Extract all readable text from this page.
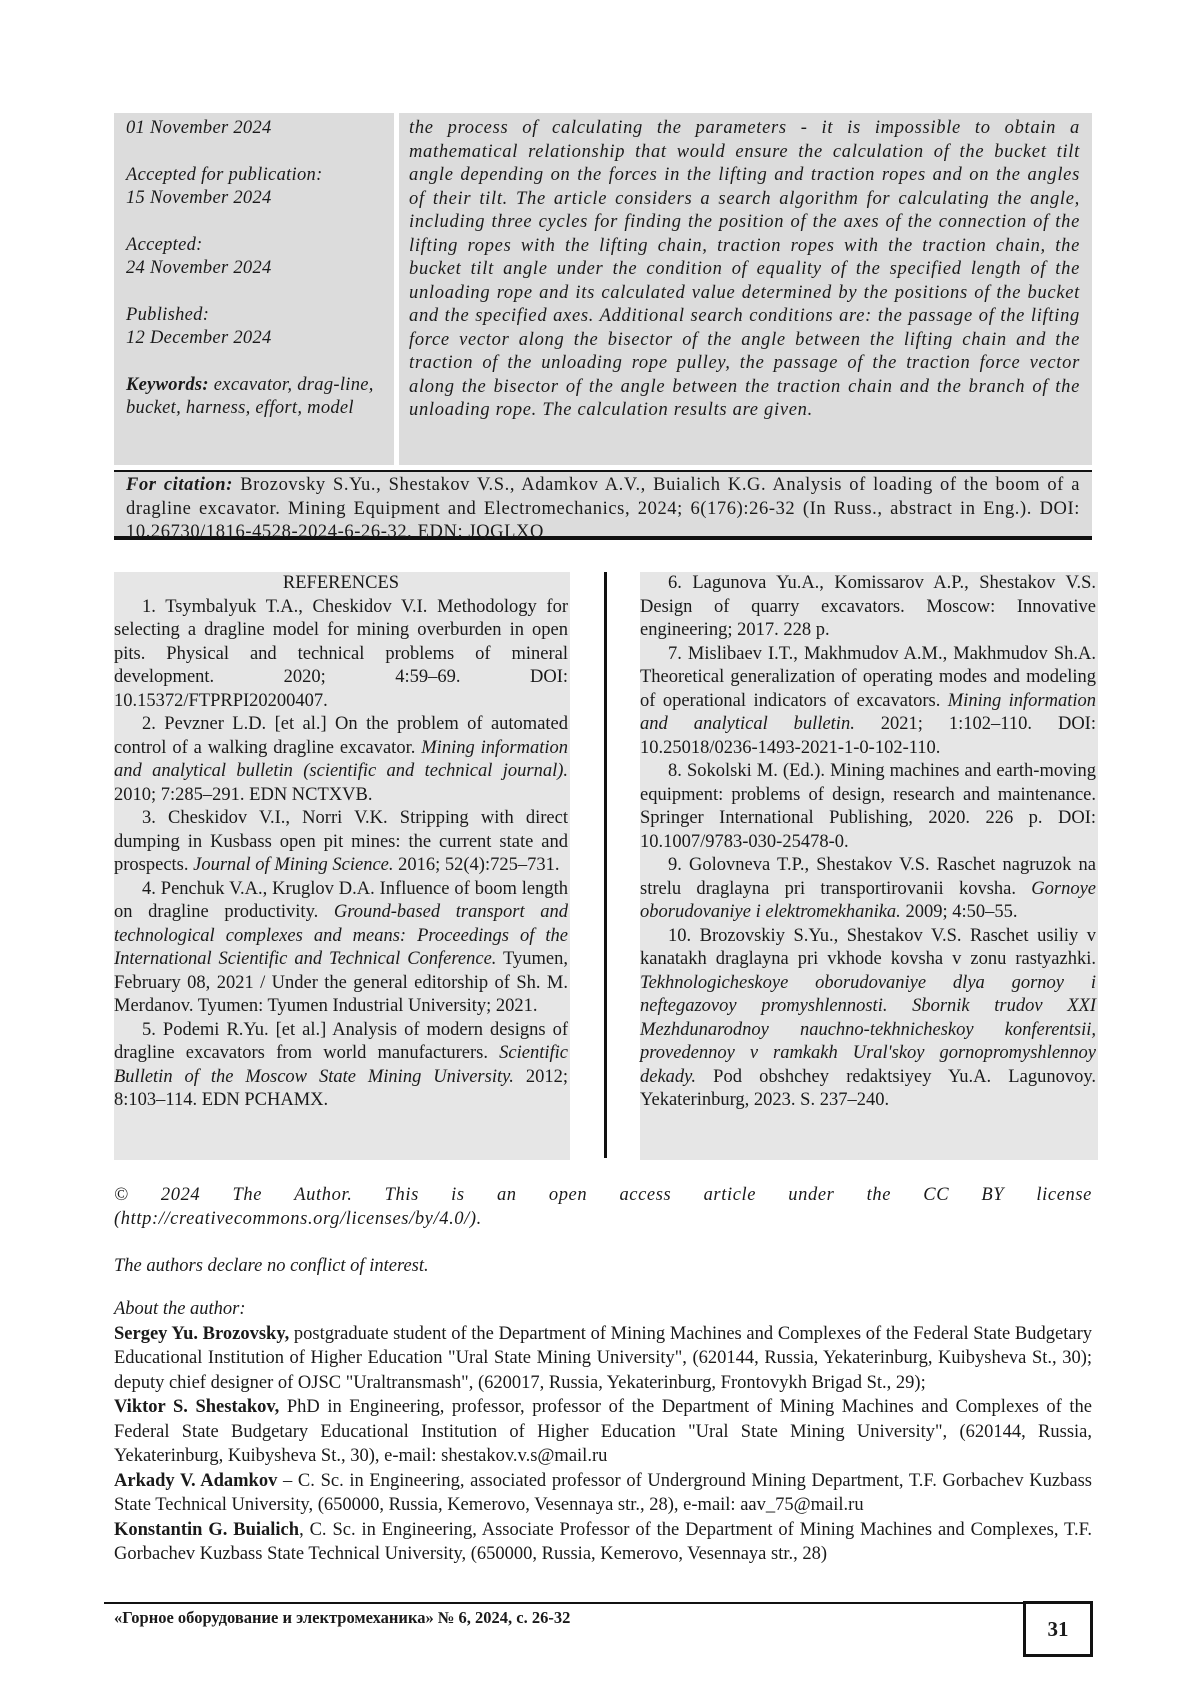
01 November 2024
Accepted for publication:
15 November 2024
Accepted:
24 November 2024
Published:
12 December 2024

Keywords: excavator, drag-line, bucket, harness, effort, model

the process of calculating the parameters - it is impossible to obtain a mathematical relationship that would ensure the calculation of the bucket tilt angle depending on the forces in the lifting and traction ropes and on the angles of their tilt. The article considers a search algorithm for calculating the angle, including three cycles for finding the position of the axes of the connection of the lifting ropes with the lifting chain, traction ropes with the traction chain, the bucket tilt angle under the condition of equality of the specified length of the unloading rope and its calculated value determined by the positions of the bucket and the specified axes. Additional search conditions are: the passage of the lifting force vector along the bisector of the angle between the lifting chain and the traction of the unloading rope pulley, the passage of the traction force vector along the bisector of the angle between the traction chain and the branch of the unloading rope. The calculation results are given.
For citation: Brozovsky S.Yu., Shestakov V.S., Adamkov A.V., Buialich K.G. Analysis of loading of the boom of a dragline excavator. Mining Equipment and Electromechanics, 2024; 6(176):26-32 (In Russ., abstract in Eng.). DOI: 10.26730/1816-4528-2024-6-26-32, EDN: JQGLXO

REFERENCES

1. Tsymbalyuk T.A., Cheskidov V.I. Methodology for selecting a dragline model for mining overburden in open pits. Physical and technical problems of mineral development. 2020; 4:59–69. DOI: 10.15372/FTPRPI20200407.

2. Pevzner L.D. [et al.] On the problem of automated control of a walking dragline excavator. Mining information and analytical bulletin (scientific and technical journal). 2010; 7:285–291. EDN NCTXVB.

3. Cheskidov V.I., Norri V.K. Stripping with direct dumping in Kusbass open pit mines: the current state and prospects. Journal of Mining Science. 2016; 52(4):725–731.

4. Penchuk V.A., Kruglov D.A. Influence of boom length on dragline productivity. Ground-based transport and technological complexes and means: Proceedings of the International Scientific and Technical Conference. Tyumen, February 08, 2021 / Under the general editorship of Sh. M. Merdanov. Tyumen: Tyumen Industrial University; 2021.

5. Podemi R.Yu. [et al.] Analysis of modern designs of dragline excavators from world manufacturers. Scientific Bulletin of the Moscow State Mining University. 2012; 8:103–114. EDN PCHAMX.

6. Lagunova Yu.A., Komissarov A.P., Shestakov V.S. Design of quarry excavators. Moscow: Innovative engineering; 2017. 228 p.

7. Mislibaev I.T., Makhmudov A.M., Makhmudov Sh.A. Theoretical generalization of operating modes and modeling of operational indicators of excavators. Mining information and analytical bulletin. 2021; 1:102–110. DOI: 10.25018/0236-1493-2021-1-0-102-110.

8. Sokolski M. (Ed.). Mining machines and earth-moving equipment: problems of design, research and maintenance. Springer International Publishing, 2020. 226 p. DOI: 10.1007/9783-030-25478-0.

9. Golovneva T.P., Shestakov V.S. Raschet nagruzok na strelu draglayna pri transportirovanii kovsha. Gornoye oborudovaniye i elektromekhanika. 2009; 4:50–55.

10. Brozovskiy S.Yu., Shestakov V.S. Raschet usiliy v kanatakh draglayna pri vkhode kovsha v zonu rastyazhki. Tekhnologicheskoye oborudovaniye dlya gornoy i neftegazovoy promyshlennosti. Sbornik trudov XXI Mezhdunarodnoy nauchno-tekhnicheskoy konferentsii, provedennoy v ramkakh Ural'skoy gornopromyshlennoy dekady. Pod obshchey redaktsiyey Yu.A. Lagunovoy. Yekaterinburg, 2023. S. 237–240.

© 2024 The Author. This is an open access article under the CC BY license
(http://creativecommons.org/licenses/by/4.0/).
The authors declare no conflict of interest.

About the author:

Sergey Yu. Brozovsky, postgraduate student of the Department of Mining Machines and Complexes of the Federal State Budgetary Educational Institution of Higher Education "Ural State Mining University", (620144, Russia, Yekaterinburg, Kuibysheva St., 30); deputy chief designer of OJSC "Uraltransmash", (620017, Russia, Yekaterinburg, Frontovykh Brigad St., 29);

Viktor S. Shestakov, PhD in Engineering, professor, professor of the Department of Mining Machines and Complexes of the Federal State Budgetary Educational Institution of Higher Education "Ural State Mining University", (620144, Russia, Yekaterinburg, Kuibysheva St., 30), e-mail: shestakov.v.s@mail.ru

Arkady V. Adamkov – C. Sc. in Engineering, associated professor of Underground Mining Department, T.F. Gorbachev Kuzbass State Technical University, (650000, Russia, Kemerovo, Vesennaya str., 28), e-mail: aav_75@mail.ru

Konstantin G. Buialich, C. Sc. in Engineering, Associate Professor of the Department of Mining Machines and Complexes, T.F. Gorbachev Kuzbass State Technical University, (650000, Russia, Kemerovo, Vesennaya str., 28)

«Горное оборудование и электромеханика» № 6, 2024, с. 26-32	31
